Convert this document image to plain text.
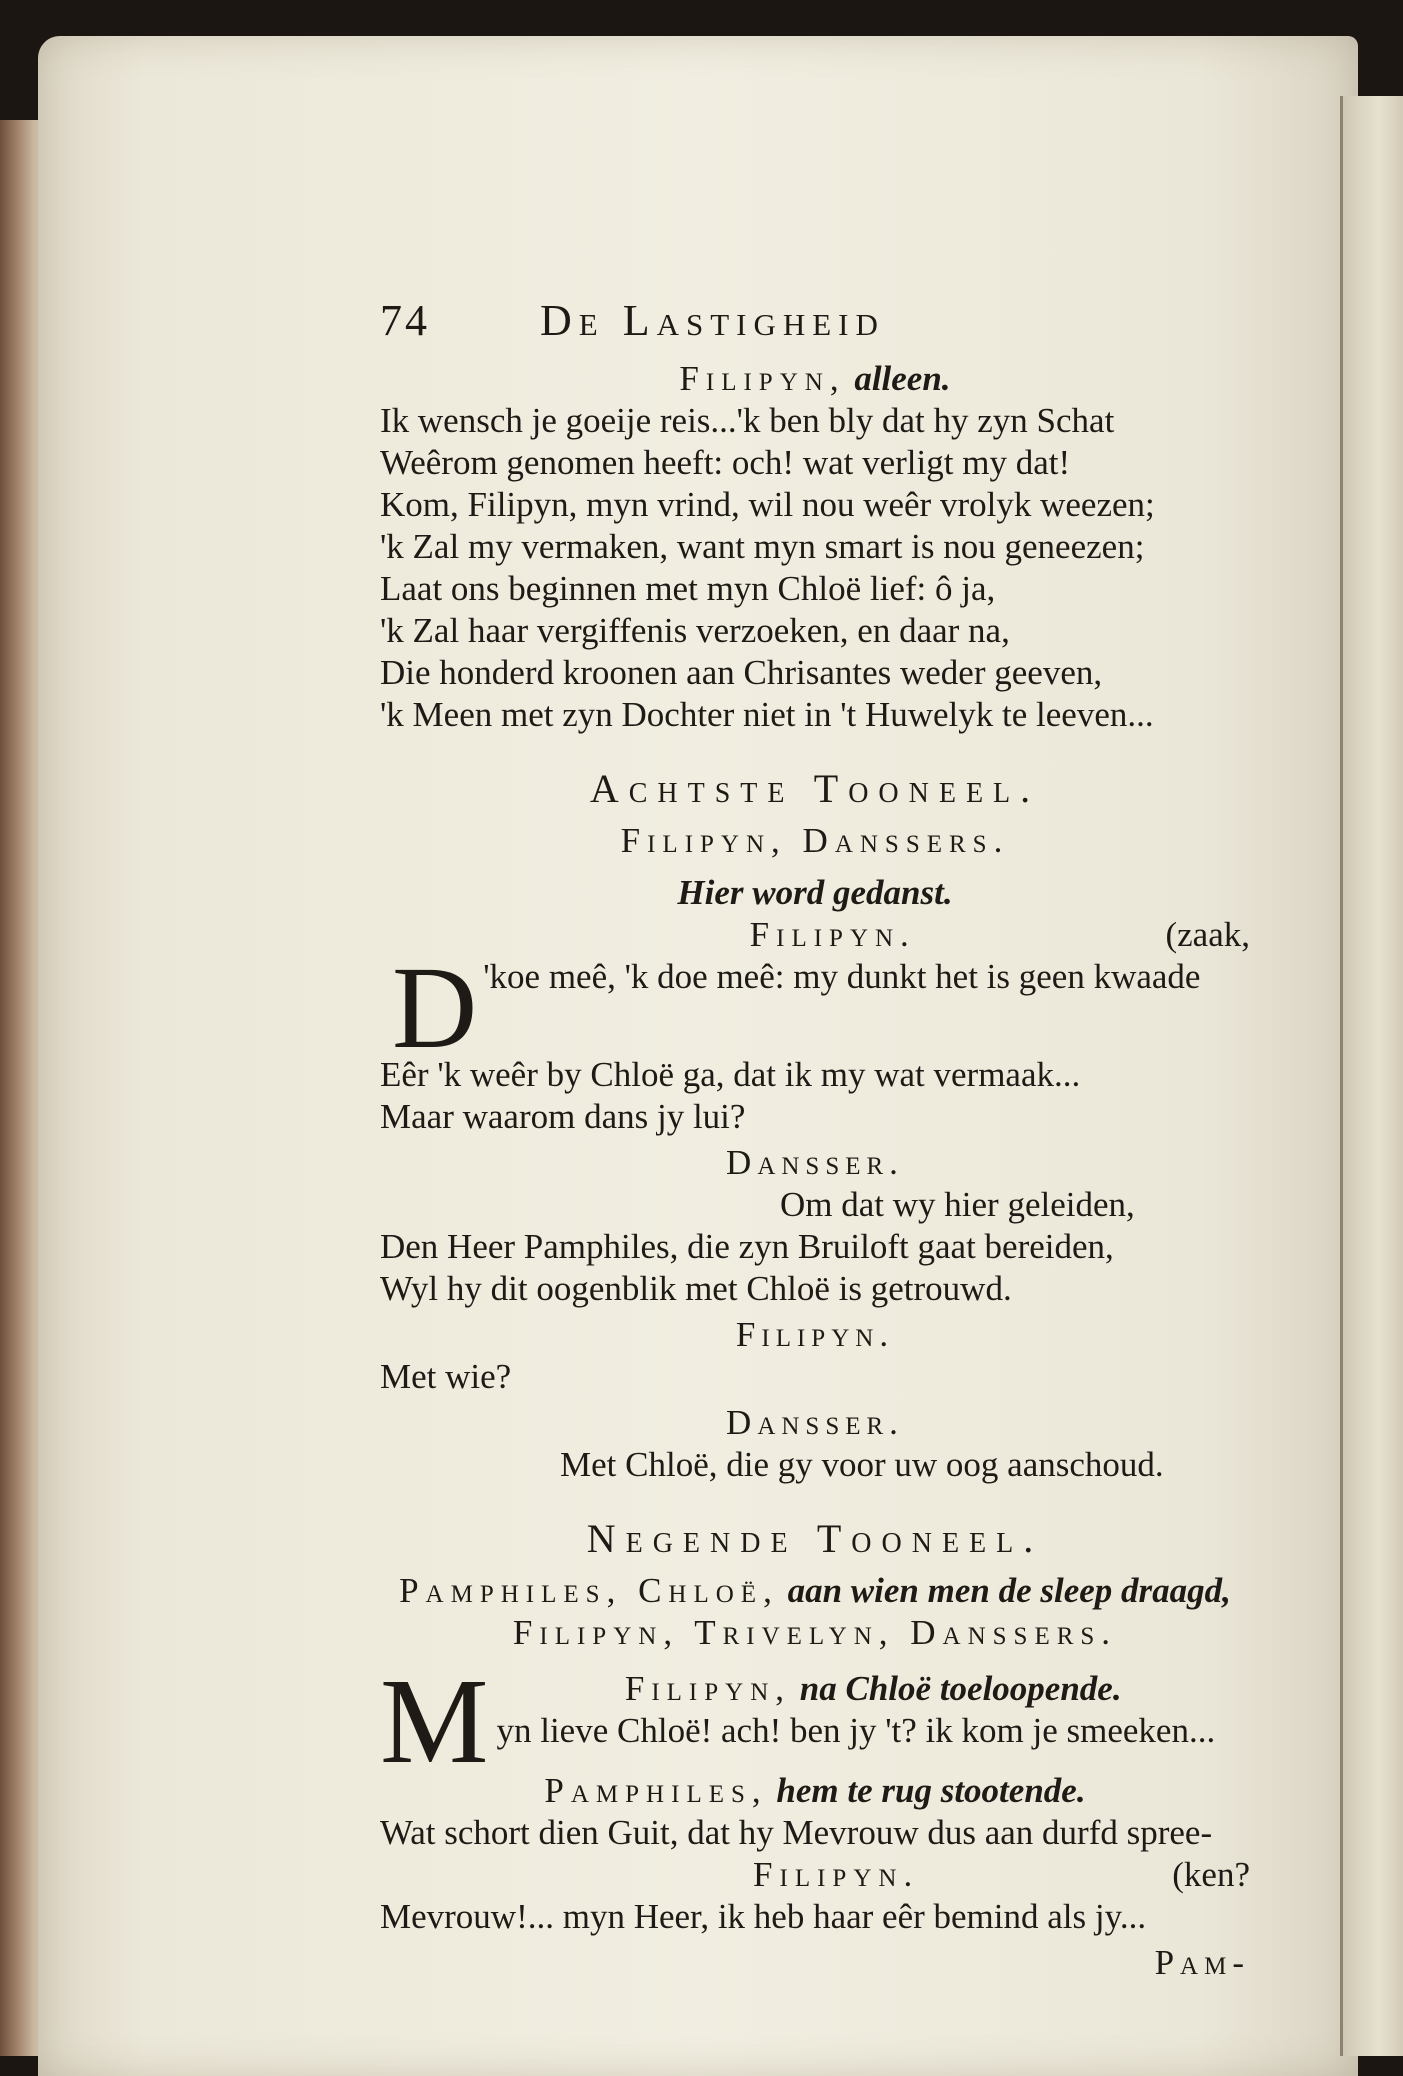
74	De Lastigheid
Filipyn, alleen.
Ik wensch je goeije reis...'k ben bly dat hy zyn Schat
Weêrom genomen heeft: och! wat verligt my dat!
Kom, Filipyn, myn vrind, wil nou weêr vrolyk weezen;
'k Zal my vermaken, want myn smart is nou geneezen;
Laat ons beginnen met myn Chloë lief: ô ja,
'k Zal haar vergiffenis verzoeken, en daar na,
Die honderd kroonen aan Chrisantes weder geeven,
'k Meen met zyn Dochter niet in 't Huwelyk te leeven...
Achtste Tooneel.
Filipyn, Danssers.
Hier word gedanst.
Filipyn.	(zaak,
'k
D oe meê, 'k doe meê: my dunkt het is geen kwaade
Eêr 'k weêr by Chloë ga, dat ik my wat vermaak...
Maar waarom dans jy lui?
Dansser.
Om dat wy hier geleiden,
Den Heer Pamphiles, die zyn Bruiloft gaat bereiden,
Wyl hy dit oogenblik met Chloë is getrouwd.
Filipyn.
Met wie?
Dansser.
Met Chloë, die gy voor uw oog aanschoud.
Negende Tooneel.
Pamphiles, Chloë, aan wien men de sleep draagd,
Filipyn, Trivelyn, Danssers.
M	Filipyn, na Chloë toeloopende.
yn lieve Chloë! ach! ben jy 't? ik kom je smeeken...
Pamphiles, hem te rug stootende.
Wat schort dien Guit, dat hy Mevrouw dus aan durfd spree-
Filipyn.	(ken?
Mevrouw!... myn Heer, ik heb haar eêr bemind als jy...
Pam-
